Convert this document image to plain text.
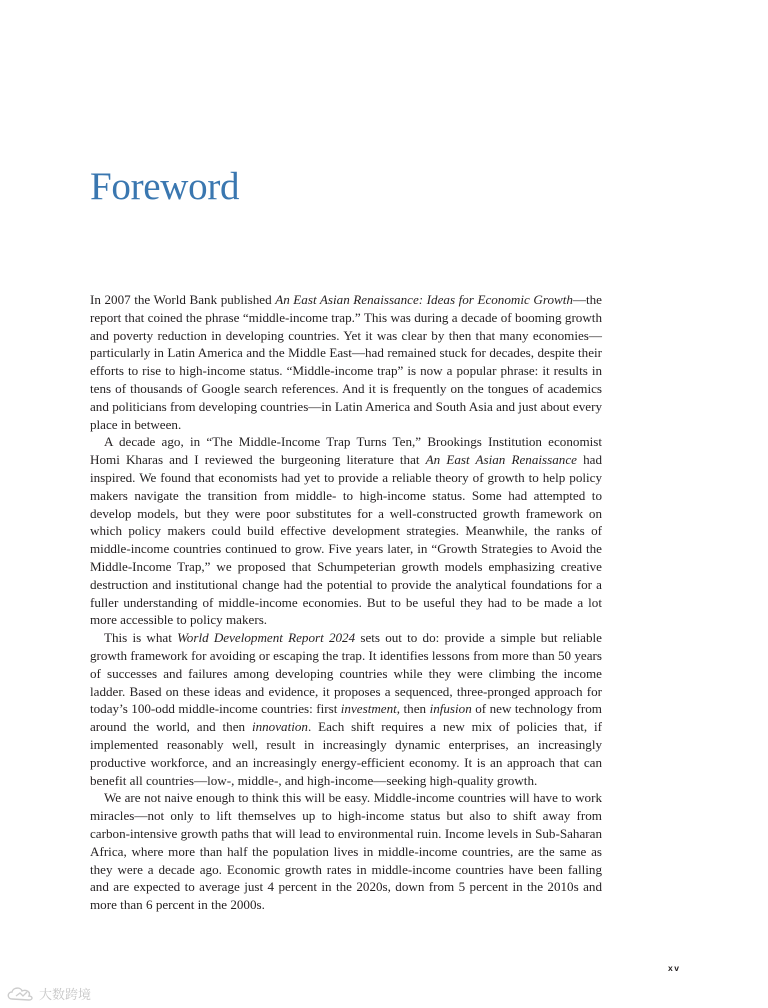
Foreword

In 2007 the World Bank published An East Asian Renaissance: Ideas for Economic Growth—the report that coined the phrase “middle-income trap.” This was during a decade of booming growth and poverty reduction in developing countries. Yet it was clear by then that many economies—particularly in Latin America and the Middle East—had remained stuck for decades, despite their efforts to rise to high-income status. “Middle-income trap” is now a popular phrase: it results in tens of thousands of Google search references. And it is frequently on the tongues of academics and politicians from developing countries—in Latin America and South Asia and just about every place in between.

A decade ago, in “The Middle-Income Trap Turns Ten,” Brookings Institution economist Homi Kharas and I reviewed the burgeoning literature that An East Asian Renaissance had inspired. We found that economists had yet to provide a reliable theory of growth to help policy makers navigate the transition from middle- to high-income status. Some had attempted to develop models, but they were poor substitutes for a well-constructed growth framework on which policy makers could build effective development strategies. Meanwhile, the ranks of middle-income countries continued to grow. Five years later, in “Growth Strategies to Avoid the Middle-Income Trap,” we proposed that Schumpeterian growth models emphasizing creative destruction and institutional change had the potential to provide the analytical foundations for a fuller understanding of middle-income economies. But to be useful they had to be made a lot more accessible to policy makers.

This is what World Development Report 2024 sets out to do: provide a simple but reliable growth framework for avoiding or escaping the trap. It identifies lessons from more than 50 years of successes and failures among developing countries while they were climbing the income ladder. Based on these ideas and evidence, it proposes a sequenced, three-pronged approach for today’s 100-odd middle-income countries: first investment, then infusion of new technology from around the world, and then innovation. Each shift requires a new mix of policies that, if implemented reasonably well, result in increasingly dynamic enterprises, an increasingly productive workforce, and an increasingly energy-efficient economy. It is an approach that can benefit all countries—low-, middle-, and high-income—seeking high-quality growth.

We are not naive enough to think this will be easy. Middle-income countries will have to work miracles—not only to lift themselves up to high-income status but also to shift away from carbon-intensive growth paths that will lead to environmental ruin. Income levels in Sub-Saharan Africa, where more than half the population lives in middle-income countries, are the same as they were a decade ago. Economic growth rates in middle-income countries have been falling and are expected to average just 4 percent in the 2020s, down from 5 percent in the 2010s and more than 6 percent in the 2000s.

xv
大数跨境
